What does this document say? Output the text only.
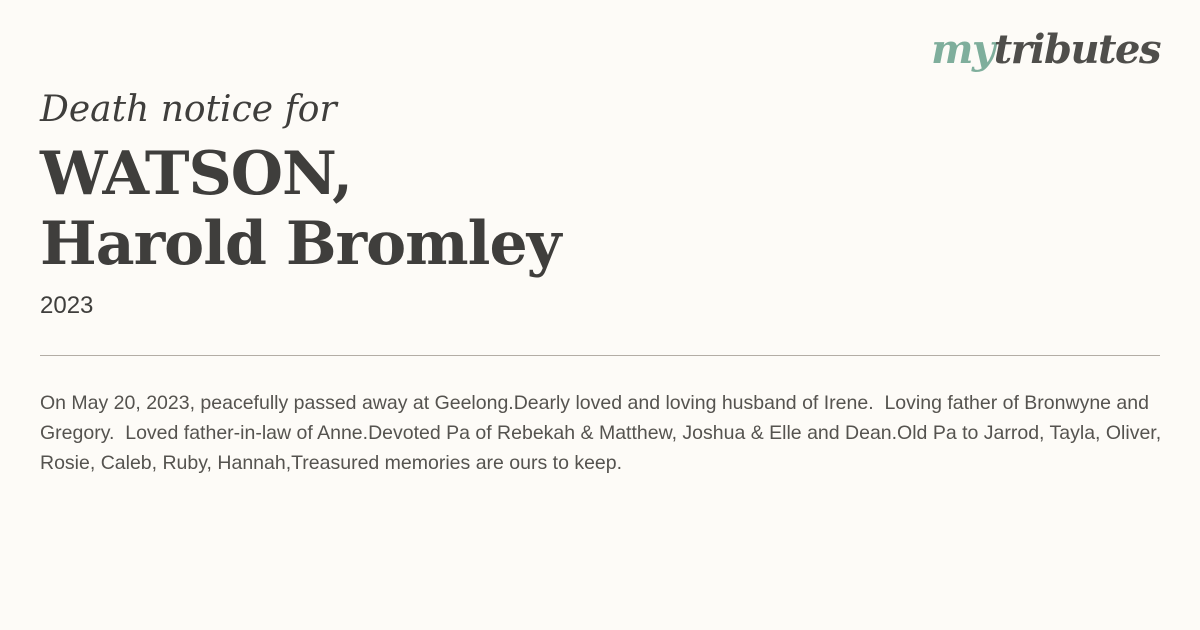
mytributes
Death notice for
WATSON,
Harold Bromley
2023
On May 20, 2023, peacefully passed away at Geelong.Dearly loved and loving husband of Irene.  Loving father of Bronwyne and Gregory.  Loved father-in-law of Anne.Devoted Pa of Rebekah & Matthew, Joshua & Elle and Dean.Old Pa to Jarrod, Tayla, Oliver, Rosie, Caleb, Ruby, Hannah,Treasured memories are ours to keep.
